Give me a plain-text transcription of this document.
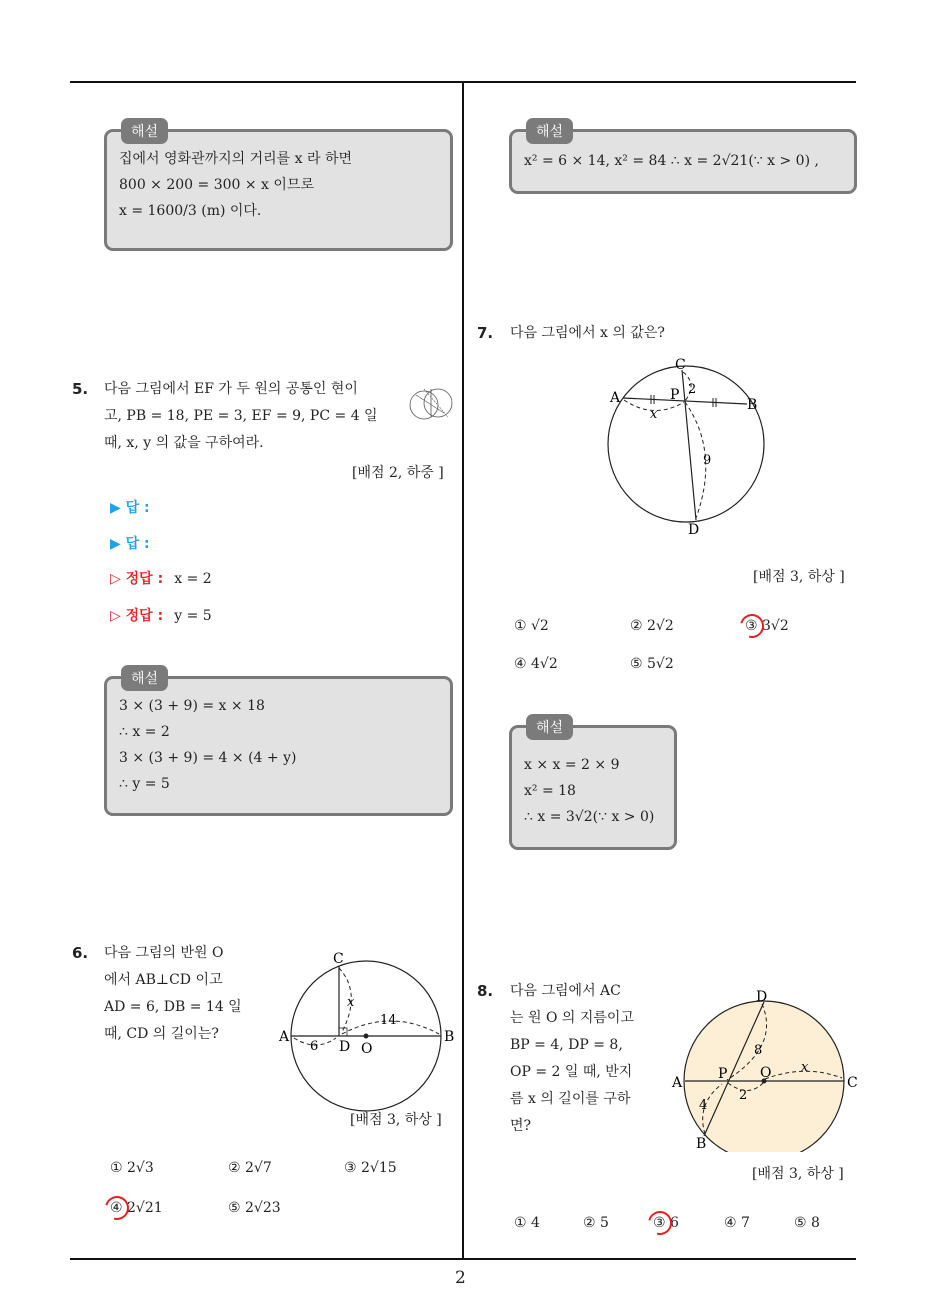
2
해설
집에서 영화관까지의 거리를 x 라 하면
800 × 200 = 300 × x 이므로
x = 1600/3 (m) 이다.
5. 다음 그림에서 EF 가 두 원의 공통인 현이
고, PB = 18, PE = 3, EF = 9, PC = 4 일
때, x, y 의 값을 구하여라.
[배점 2, 하중 ]
▶ 답 :
▶ 답 :
▷ 정답 : x = 2
▷ 정답 : y = 5
해설
3 × (3 + 9) = x × 18
∴ x = 2
3 × (3 + 9) = 4 × (4 + y)
∴ y = 5
6. 다음 그림의 반원 O
에서 AB⊥CD 이고
AD = 6, DB = 14 일
때, CD 의 길이는?
C
A	B
D O
x
6
14
[배점 3, 하상 ]
① 2√3	② 2√7	③ 2√15
④ 2√21	⑤ 2√23
해설
x² = 6 × 14, x² = 84 ∴ x = 2√21(∵ x > 0) ,
7. 다음 그림에서 x 의 값은?
C
A	P
B
D
2
9
x
[배점 3, 하상 ]
① √2	② 2√2	③ 3√2
④ 4√2	⑤ 5√2
해설
x × x = 2 × 9
x² = 18
∴ x = 3√2(∵ x > 0)
8. 다음 그림에서 AC
는 원 O 의 지름이고
BP = 4, DP = 8,
OP = 2 일 때, 반지
름 x 의 길이를 구하
면?
D
A
P O
C
B
8
4
2
x
[배점 3, 하상 ]
① 4	② 5	③ 6	④ 7	⑤ 8
